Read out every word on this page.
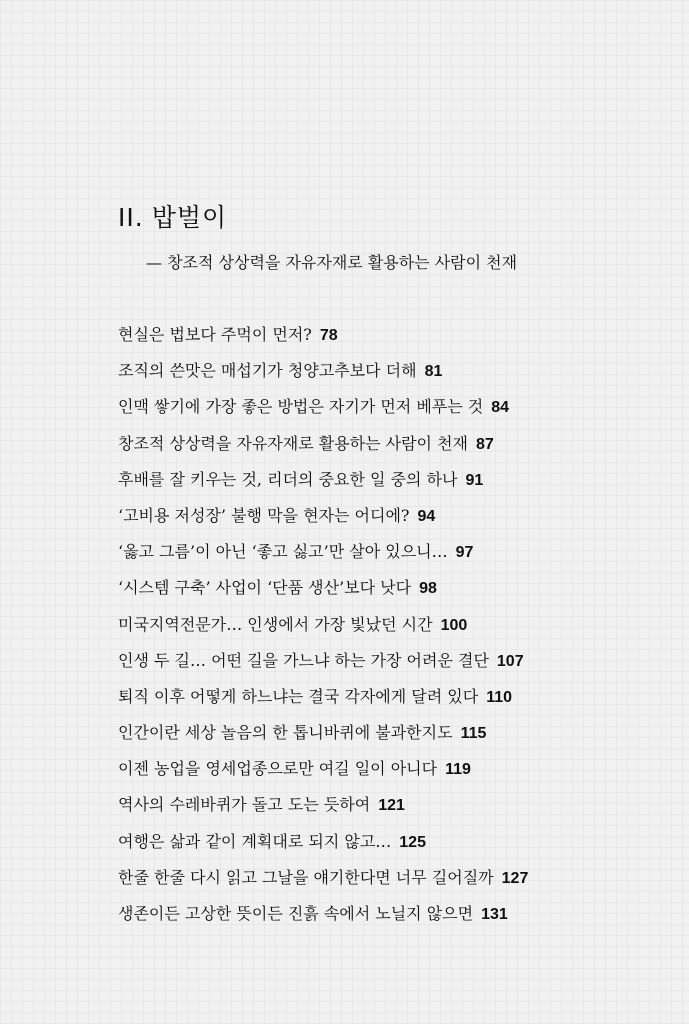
II. 밥벌이
— 창조적 상상력을 자유자재로 활용하는 사람이 천재
현실은 법보다 주먹이 먼저? 78
조직의 쓴맛은 매섭기가 청양고추보다 더해 81
인맥 쌓기에 가장 좋은 방법은 자기가 먼저 베푸는 것 84
창조적 상상력을 자유자재로 활용하는 사람이 천재 87
후배를 잘 키우는 것, 리더의 중요한 일 중의 하나 91
‘고비용 저성장’ 불행 막을 현자는 어디에? 94
‘옳고 그름’이 아닌 ‘좋고 싫고’만 살아 있으니… 97
‘시스템 구축’ 사업이 ‘단품 생산’보다 낫다 98
미국지역전문가… 인생에서 가장 빛났던 시간 100
인생 두 길… 어떤 길을 가느냐 하는 가장 어려운 결단 107
퇴직 이후 어떻게 하느냐는 결국 각자에게 달려 있다 110
인간이란 세상 놀음의 한 톱니바퀴에 불과한지도 115
이젠 농업을 영세업종으로만 여길 일이 아니다 119
역사의 수레바퀴가 돌고 도는 듯하여 121
여행은 삶과 같이 계획대로 되지 않고… 125
한줄 한줄 다시 읽고 그날을 얘기한다면 너무 길어질까 127
생존이든 고상한 뜻이든 진흙 속에서 노닐지 않으면 131
